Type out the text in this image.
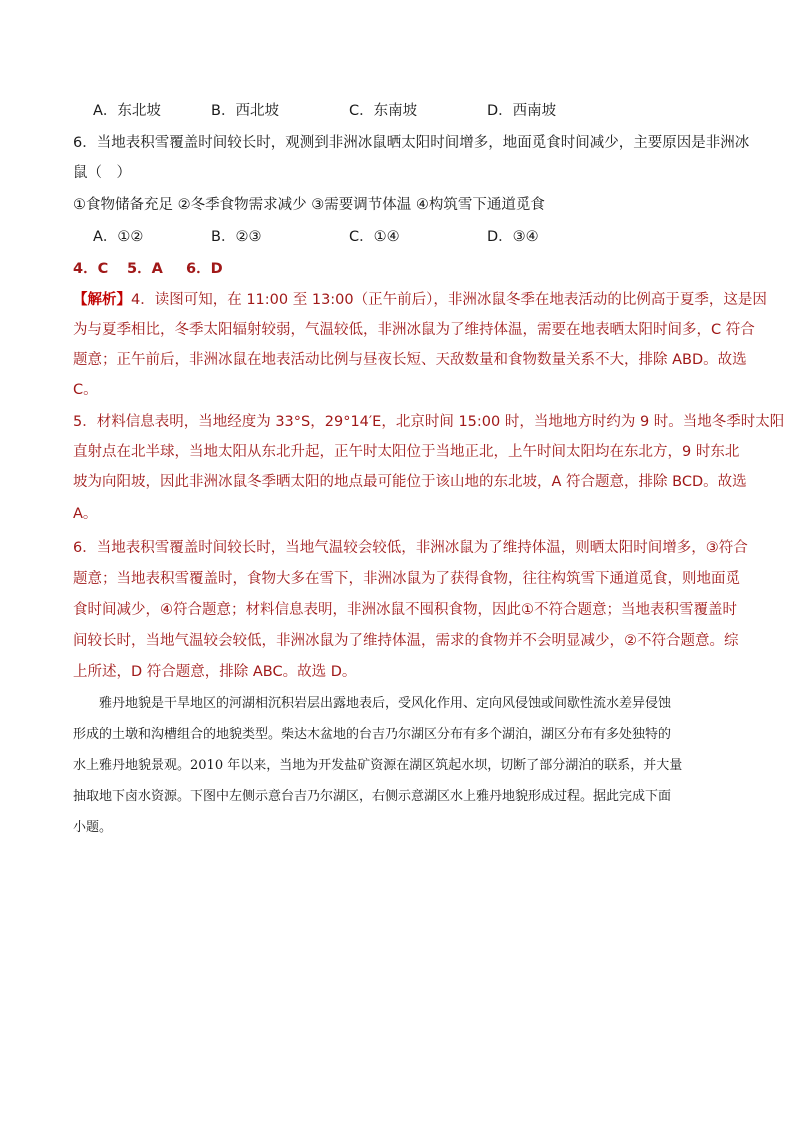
A．东北坡	B．西北坡	C．东南坡	D．西南坡
6．当地表积雪覆盖时间较长时，观测到非洲冰鼠晒太阳时间增多，地面觅食时间减少，主要原因是非洲冰
鼠（　）
①食物储备充足 ②冬季食物需求减少 ③需要调节体温 ④构筑雪下通道觅食
A．①②	B．②③	C．①④	D．③④
4．C 5．A 6．D
【解析】4．读图可知，在 11:00 至 13:00（正午前后），非洲冰鼠冬季在地表活动的比例高于夏季，这是因
为与夏季相比，冬季太阳辐射较弱，气温较低，非洲冰鼠为了维持体温，需要在地表晒太阳时间多，C 符合
题意；正午前后，非洲冰鼠在地表活动比例与昼夜长短、天敌数量和食物数量关系不大，排除 ABD。故选
C。
5．材料信息表明，当地经度为 33°S，29°14′E，北京时间 15:00 时，当地地方时约为 9 时。当地冬季时太阳
直射点在北半球，当地太阳从东北升起，正午时太阳位于当地正北，上午时间太阳均在东北方，9 时东北
坡为向阳坡，因此非洲冰鼠冬季晒太阳的地点最可能位于该山地的东北坡，A 符合题意，排除 BCD。故选
A。
6．当地表积雪覆盖时间较长时，当地气温较会较低，非洲冰鼠为了维持体温，则晒太阳时间增多，③符合
题意；当地表积雪覆盖时，食物大多在雪下，非洲冰鼠为了获得食物，往往构筑雪下通道觅食，则地面觅
食时间减少，④符合题意；材料信息表明，非洲冰鼠不囤积食物，因此①不符合题意；当地表积雪覆盖时
间较长时，当地气温较会较低，非洲冰鼠为了维持体温，需求的食物并不会明显减少，②不符合题意。综
上所述，D 符合题意，排除 ABC。故选 D。
　　雅丹地貌是干旱地区的河湖相沉积岩层出露地表后，受风化作用、定向风侵蚀或间歇性流水差异侵蚀
形成的土墩和沟槽组合的地貌类型。柴达木盆地的台吉乃尔湖区分布有多个湖泊，湖区分布有多处独特的
水上雅丹地貌景观。2010 年以来，当地为开发盐矿资源在湖区筑起水坝，切断了部分湖泊的联系，并大量
抽取地下卤水资源。下图中左侧示意台吉乃尔湖区，右侧示意湖区水上雅丹地貌形成过程。据此完成下面
小题。
